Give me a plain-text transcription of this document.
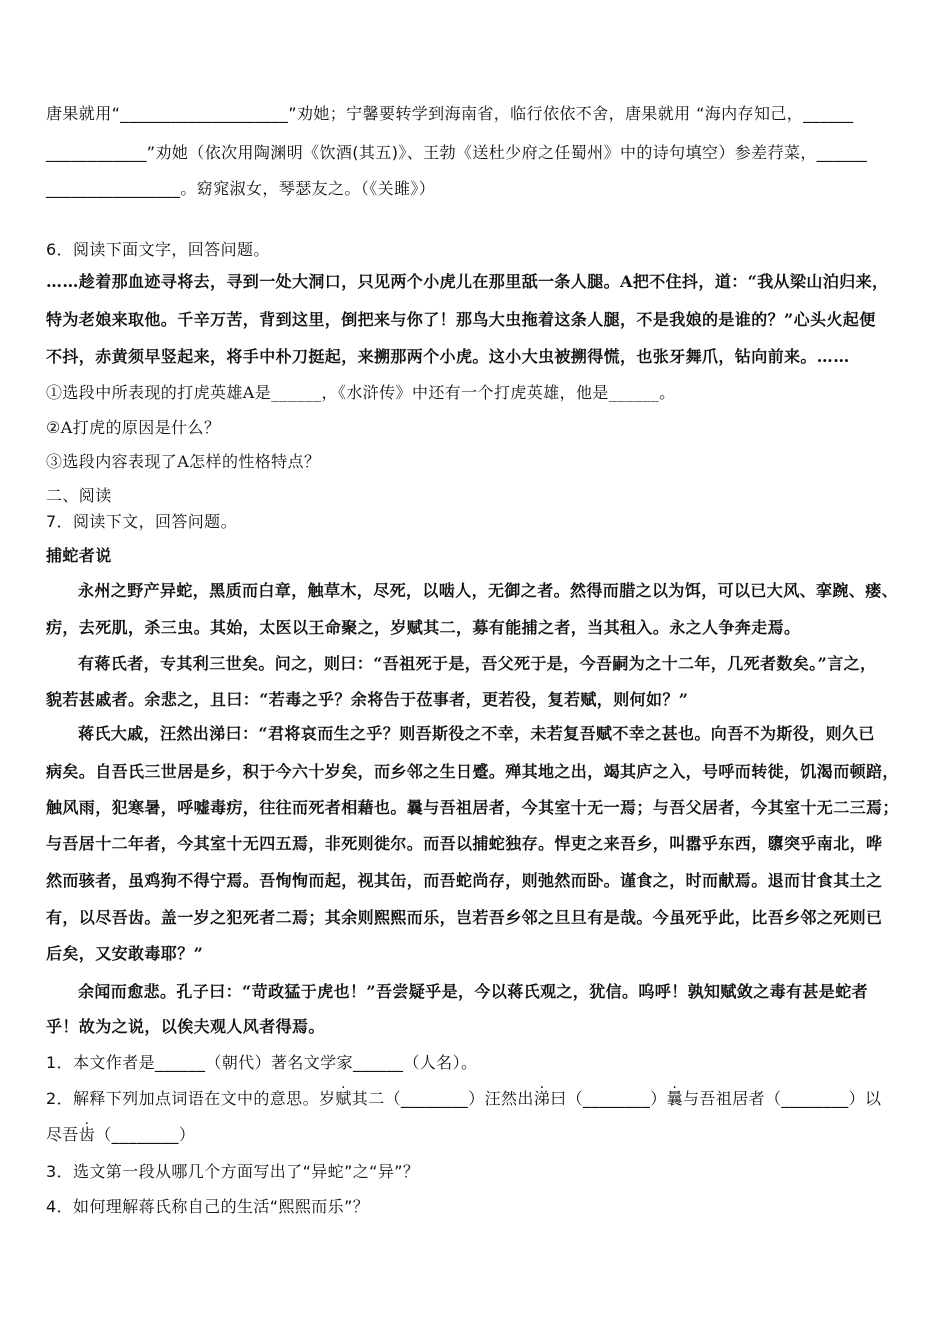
唐果就用“____________________”劝她；宁馨要转学到海南省，临行依依不舍，唐果就用 “海内存知己，______
____________”劝她（依次用陶渊明《饮酒(其五)》、王勃《送杜少府之任蜀州》中的诗句填空）参差荇菜，______
________________。窈窕淑女，琴瑟友之。（《关雎》）
6．阅读下面文字，回答问题。
……趁着那血迹寻将去，寻到一处大洞口，只见两个小虎儿在那里舐一条人腿。A把不住抖，道：“我从梁山泊归来，
特为老娘来取他。千辛万苦，背到这里，倒把来与你了！那鸟大虫拖着这条人腿，不是我娘的是谁的？”心头火起便
不抖，赤黄须早竖起来，将手中朴刀挺起，来搠那两个小虎。这小大虫被搠得慌，也张牙舞爪，钻向前来。……
①选段中所表现的打虎英雄A是______，《水浒传》中还有一个打虎英雄，他是______。
②A打虎的原因是什么？
③选段内容表现了A怎样的性格特点？
二、阅读
7．阅读下文，回答问题。
捕蛇者说
永州之野产异蛇，黑质而白章，触草木，尽死，以啮人，无御之者。然得而腊之以为饵，可以已大风、挛踠、瘘、
疠，去死肌，杀三虫。其始，太医以王命聚之，岁赋其二，募有能捕之者，当其租入。永之人争奔走焉。
有蒋氏者，专其利三世矣。问之，则曰：“吾祖死于是，吾父死于是，今吾嗣为之十二年，几死者数矣。”言之，
貌若甚戚者。余悲之，且曰：“若毒之乎？余将告于莅事者，更若役，复若赋，则何如？”
蒋氏大戚，汪然出涕曰：“君将哀而生之乎？则吾斯役之不幸，未若复吾赋不幸之甚也。向吾不为斯役，则久已
病矣。自吾氏三世居是乡，积于今六十岁矣，而乡邻之生日蹙。殚其地之出，竭其庐之入，号呼而转徙，饥渴而顿踣，
触风雨，犯寒暑，呼嘘毒疠，往往而死者相藉也。曩与吾祖居者，今其室十无一焉；与吾父居者，今其室十无二三焉；
与吾居十二年者，今其室十无四五焉，非死则徙尔。而吾以捕蛇独存。悍吏之来吾乡，叫嚣乎东西，隳突乎南北，哗
然而骇者，虽鸡狗不得宁焉。吾恂恂而起，视其缶，而吾蛇尚存，则弛然而卧。谨食之，时而献焉。退而甘食其土之
有，以尽吾齿。盖一岁之犯死者二焉；其余则熙熙而乐，岂若吾乡邻之旦旦有是哉。今虽死乎此，比吾乡邻之死则已
后矣，又安敢毒耶？”
余闻而愈悲。孔子曰：“苛政猛于虎也！”吾尝疑乎是，今以蒋氏观之，犹信。呜呼！孰知赋敛之毒有甚是蛇者
乎！故为之说，以俟夫观人风者得焉。
1．本文作者是______（朝代）著名文学家______（人名）。
2．解释下列加点词语在文中的意思。岁赋其二（________）汪然出涕曰（________）曩与吾祖居者（________）以
尽吾齿（________）
3．选文第一段从哪几个方面写出了“异蛇”之“异”？
4．如何理解蒋氏称自己的生活“熙熙而乐”？
